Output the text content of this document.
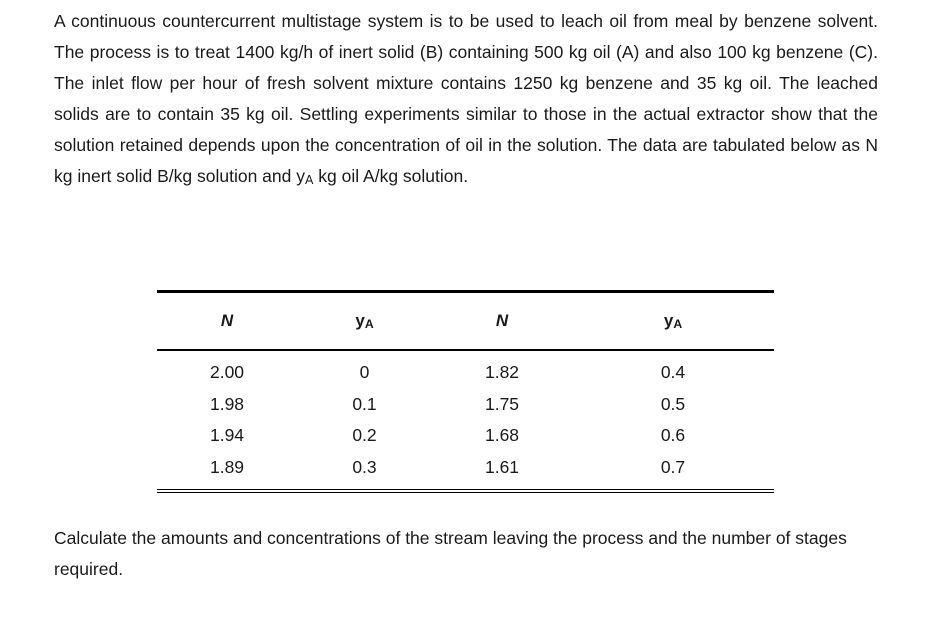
A continuous countercurrent multistage system is to be used to leach oil from meal by benzene solvent. The process is to treat 1400 kg/h of inert solid (B) containing 500 kg oil (A) and also 100 kg benzene (C). The inlet flow per hour of fresh solvent mixture contains 1250 kg benzene and 35 kg oil. The leached solids are to contain 35 kg oil. Settling experiments similar to those in the actual extractor show that the solution retained depends upon the concentration of oil in the solution. The data are tabulated below as N kg inert solid B/kg solution and yA kg oil A/kg solution.

N	yA	N	yA
2.00	0	1.82	0.4
1.98	0.1	1.75	0.5
1.94	0.2	1.68	0.6
1.89	0.3	1.61	0.7

Calculate the amounts and concentrations of the stream leaving the process and the number of stages required.
